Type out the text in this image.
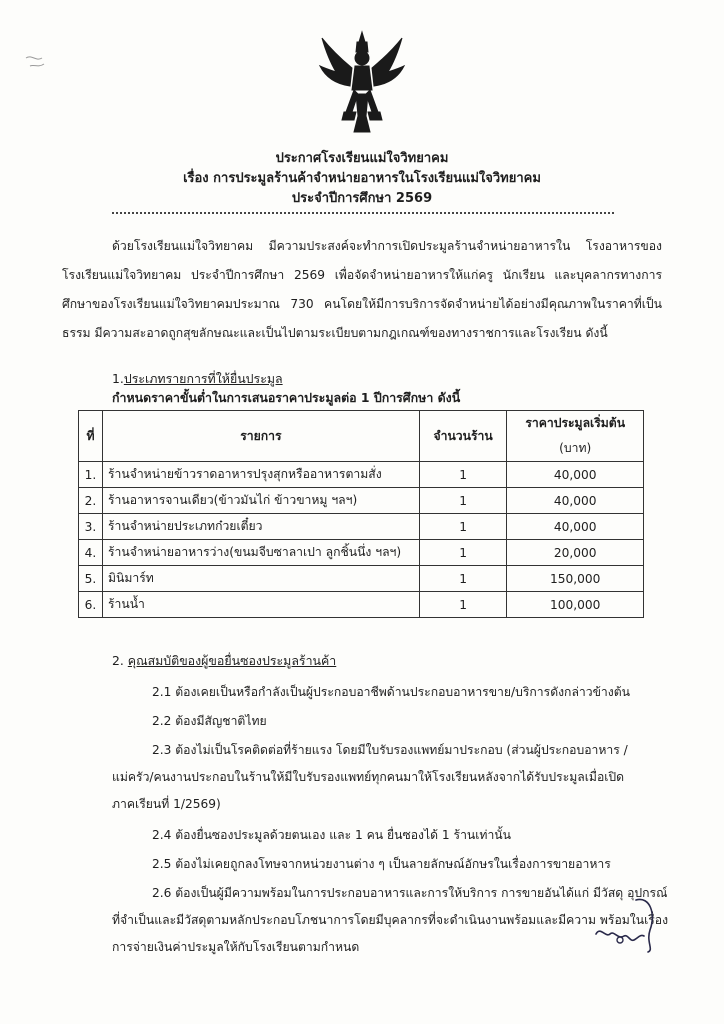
ประกาศโรงเรียนแม่ใจวิทยาคม
เรื่อง การประมูลร้านค้าจำหน่ายอาหารในโรงเรียนแม่ใจวิทยาคม
ประจำปีการศึกษา 2569
ด้วยโรงเรียนแม่ใจวิทยาคม มีความประสงค์จะทำการเปิดประมูลร้านจำหน่ายอาหารใน โรงอาหารของโรงเรียนแม่ใจวิทยาคม ประจำปีการศึกษา 2569 เพื่อจัดจำหน่ายอาหารให้แก่ครู นักเรียน และบุคลากรทางการศึกษาของโรงเรียนแม่ใจวิทยาคมประมาณ 730 คนโดยให้มีการบริการจัดจำหน่ายได้อย่างมีคุณภาพในราคาที่เป็นธรรม มีความสะอาดถูกสุขลักษณะและเป็นไปตามระเบียบตามกฎเกณฑ์ของทางราชการและโรงเรียน ดังนี้
1.ประเภทรายการที่ให้ยื่นประมูล
กำหนดราคาขั้นต่ำในการเสนอราคาประมูลต่อ 1 ปีการศึกษา ดังนี้
ที่	รายการ	จำนวนร้าน	ราคาประมูลเริ่มต้น
			(บาท)
1.	ร้านจำหน่ายข้าวราดอาหารปรุงสุกหรืออาหารตามสั่ง	1	40,000
2.	ร้านอาหารจานเดียว(ข้าวมันไก่ ข้าวขาหมู ฯลฯ)	1	40,000
3.	ร้านจำหน่ายประเภทก๋วยเตี๋ยว	1	40,000
4.	ร้านจำหน่ายอาหารว่าง(ขนมจีบซาลาเปา ลูกชิ้นนึ่ง ฯลฯ)	1	20,000
5.	มินิมาร์ท	1	150,000
6.	ร้านน้ำ	1	100,000
2. คุณสมบัติของผู้ขอยื่นซองประมูลร้านค้า
2.1 ต้องเคยเป็นหรือกำลังเป็นผู้ประกอบอาชีพด้านประกอบอาหารขาย/บริการดังกล่าวข้างต้น
2.2 ต้องมีสัญชาติไทย
2.3 ต้องไม่เป็นโรคติดต่อที่ร้ายแรง โดยมีใบรับรองแพทย์มาประกอบ (ส่วนผู้ประกอบอาหาร /
แม่ครัว/คนงานประกอบในร้านให้มีใบรับรองแพทย์ทุกคนมาให้โรงเรียนหลังจากได้รับประมูลเมื่อเปิด
ภาคเรียนที่ 1/2569)
2.4 ต้องยื่นซองประมูลด้วยตนเอง และ 1 คน ยื่นซองได้ 1 ร้านเท่านั้น
2.5 ต้องไม่เคยถูกลงโทษจากหน่วยงานต่าง ๆ เป็นลายลักษณ์อักษรในเรื่องการขายอาหาร
2.6 ต้องเป็นผู้มีความพร้อมในการประกอบอาหารและการให้บริการ การขายอันได้แก่ มีวัสดุ อุปกรณ์
ที่จำเป็นและมีวัสดุตามหลักประกอบโภชนาการโดยมีบุคลากรที่จะดำเนินงานพร้อมและมีความ พร้อมในเรื่อง
การจ่ายเงินค่าประมูลให้กับโรงเรียนตามกำหนด
